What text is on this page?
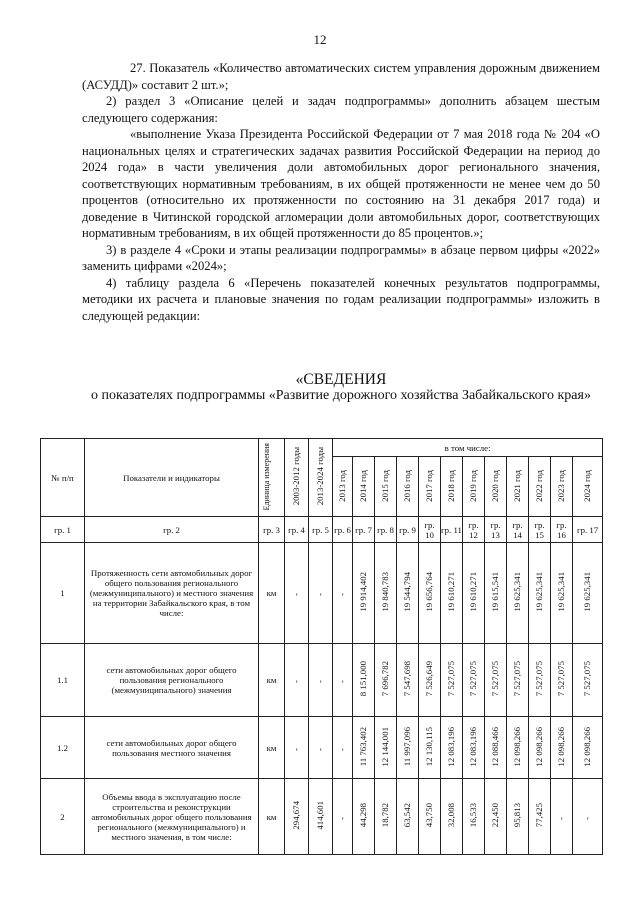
12

27. Показатель «Количество автоматических систем управления дорожным движением (АСУДД)» составит 2 шт.»;

2) раздел 3 «Описание целей и задач подпрограммы» дополнить абзацем шестым следующего содержания:

«выполнение Указа Президента Российской Федерации от 7 мая 2018 года № 204 «О национальных целях и стратегических задачах развития Российской Федерации на период до 2024 года» в части увеличения доли автомобильных дорог регионального значения, соответствующих нормативным требованиям, в их общей протяженности не менее чем до 50 процентов (относительно их протяженности по состоянию на 31 декабря 2017 года) и доведение в Читинской городской агломерации доли автомобильных дорог, соответствующих нормативным требованиям, в их общей протяженности до 85 процентов.»;

3) в разделе 4 «Сроки и этапы реализации подпрограммы» в абзаце первом цифры «2022» заменить цифрами «2024»;

4) таблицу раздела 6 «Перечень показателей конечных результатов подпрограммы, методики их расчета и плановые значения по годам реализации подпрограммы» изложить в следующей редакции:

«СВЕДЕНИЯ
о показателях подпрограммы «Развитие дорожного хозяйства Забайкальского края»
№ п/п	Показатели и индикаторы	Единица измерения	2003-2012 годы	2013-2024 годы	в том числе:											
					2013 год	2014 год	2015 год	2016 год	2017 год	2018 год	2019 год	2020 год	2021 год	2022 год	2023 год	2024 год
гр. 1	гр. 2	гр. 3	гр. 4	гр. 5	гр. 6	гр. 7	гр. 8	гр. 9	гр. 10	гр. 11	гр. 12	гр. 13	гр. 14	гр. 15	гр. 16	гр. 17
1	Протяженность сети автомобильных дорог общего пользования регионального (межмуниципального) и местного значения на территории Забайкальского края, в том числе:	км	-	-	-	19 914,402	19 840,783	19 544,794	19 656,764	19 610,271	19 610,271	19 615,541	19 625,341	19 625,341	19 625,341	19 625,341
1.1	сети автомобильных дорог общего пользования регионального (межмуниципального) значения	км	-	-	-	8 151,000	7 696,782	7 547,698	7 526,649	7 527,075	7 527,075	7 527,075	7 527,075	7 527,075	7 527,075	7 527,075
1.2	сети автомобильных дорог общего пользования местного значения	км	-	-	-	11 763,402	12 144,001	11 997,096	12 130,115	12 083,196	12 083,196	12 088,466	12 098,266	12 098,266	12 098,266	12 098,266
2	Объемы ввода в эксплуатацию после строительства и реконструкции автомобильных дорог общего пользования регионального (межмуниципального) и местного значения, в том числе:	км	294,674	414,601	-	44,298	18,782	63,542	43,750	32,008	16,533	22,450	95,813	77,425	-	-
